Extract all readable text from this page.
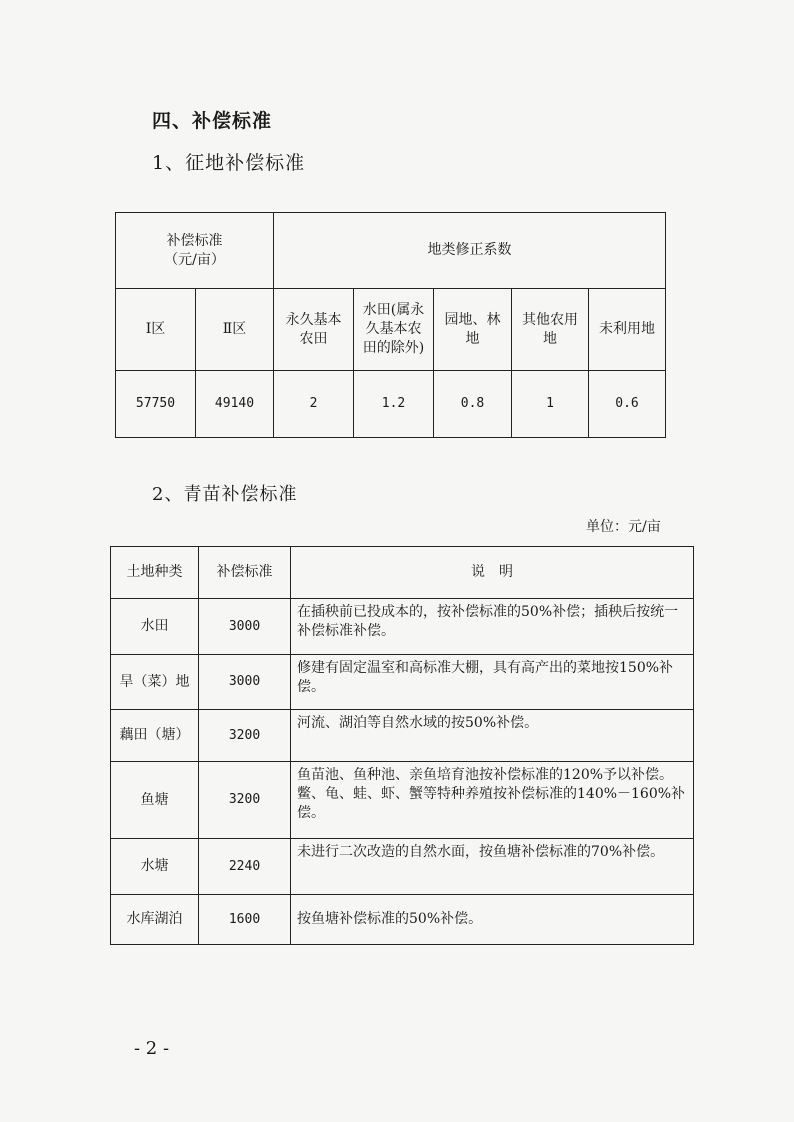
四、补偿标准
1、征地补偿标准
补偿标准
（元/亩）		地类修正系数				
Ⅰ区	Ⅱ区	永久基本农田	水田(属永久基本农田的除外)	园地、林地	其他农用地	未利用地
57750	49140	2	1.2	0.8	1	0.6
2、青苗补偿标准
单位：元/亩
土地种类	补偿标准	说　明
水田	3000	在插秧前已投成本的，按补偿标准的50%补偿；插秧后按统一补偿标准补偿。
旱（菜）地	3000	修建有固定温室和高标准大棚，具有高产出的菜地按150%补偿。
藕田（塘）	3200	河流、湖泊等自然水域的按50%补偿。
鱼塘	3200	鱼苗池、鱼种池、亲鱼培育池按补偿标准的120%予以补偿。鳖、龟、蛙、虾、蟹等特种养殖按补偿标准的140%－160%补偿。
水塘	2240	未进行二次改造的自然水面，按鱼塘补偿标准的70%补偿。
水库湖泊	1600	按鱼塘补偿标准的50%补偿。
- 2 -
